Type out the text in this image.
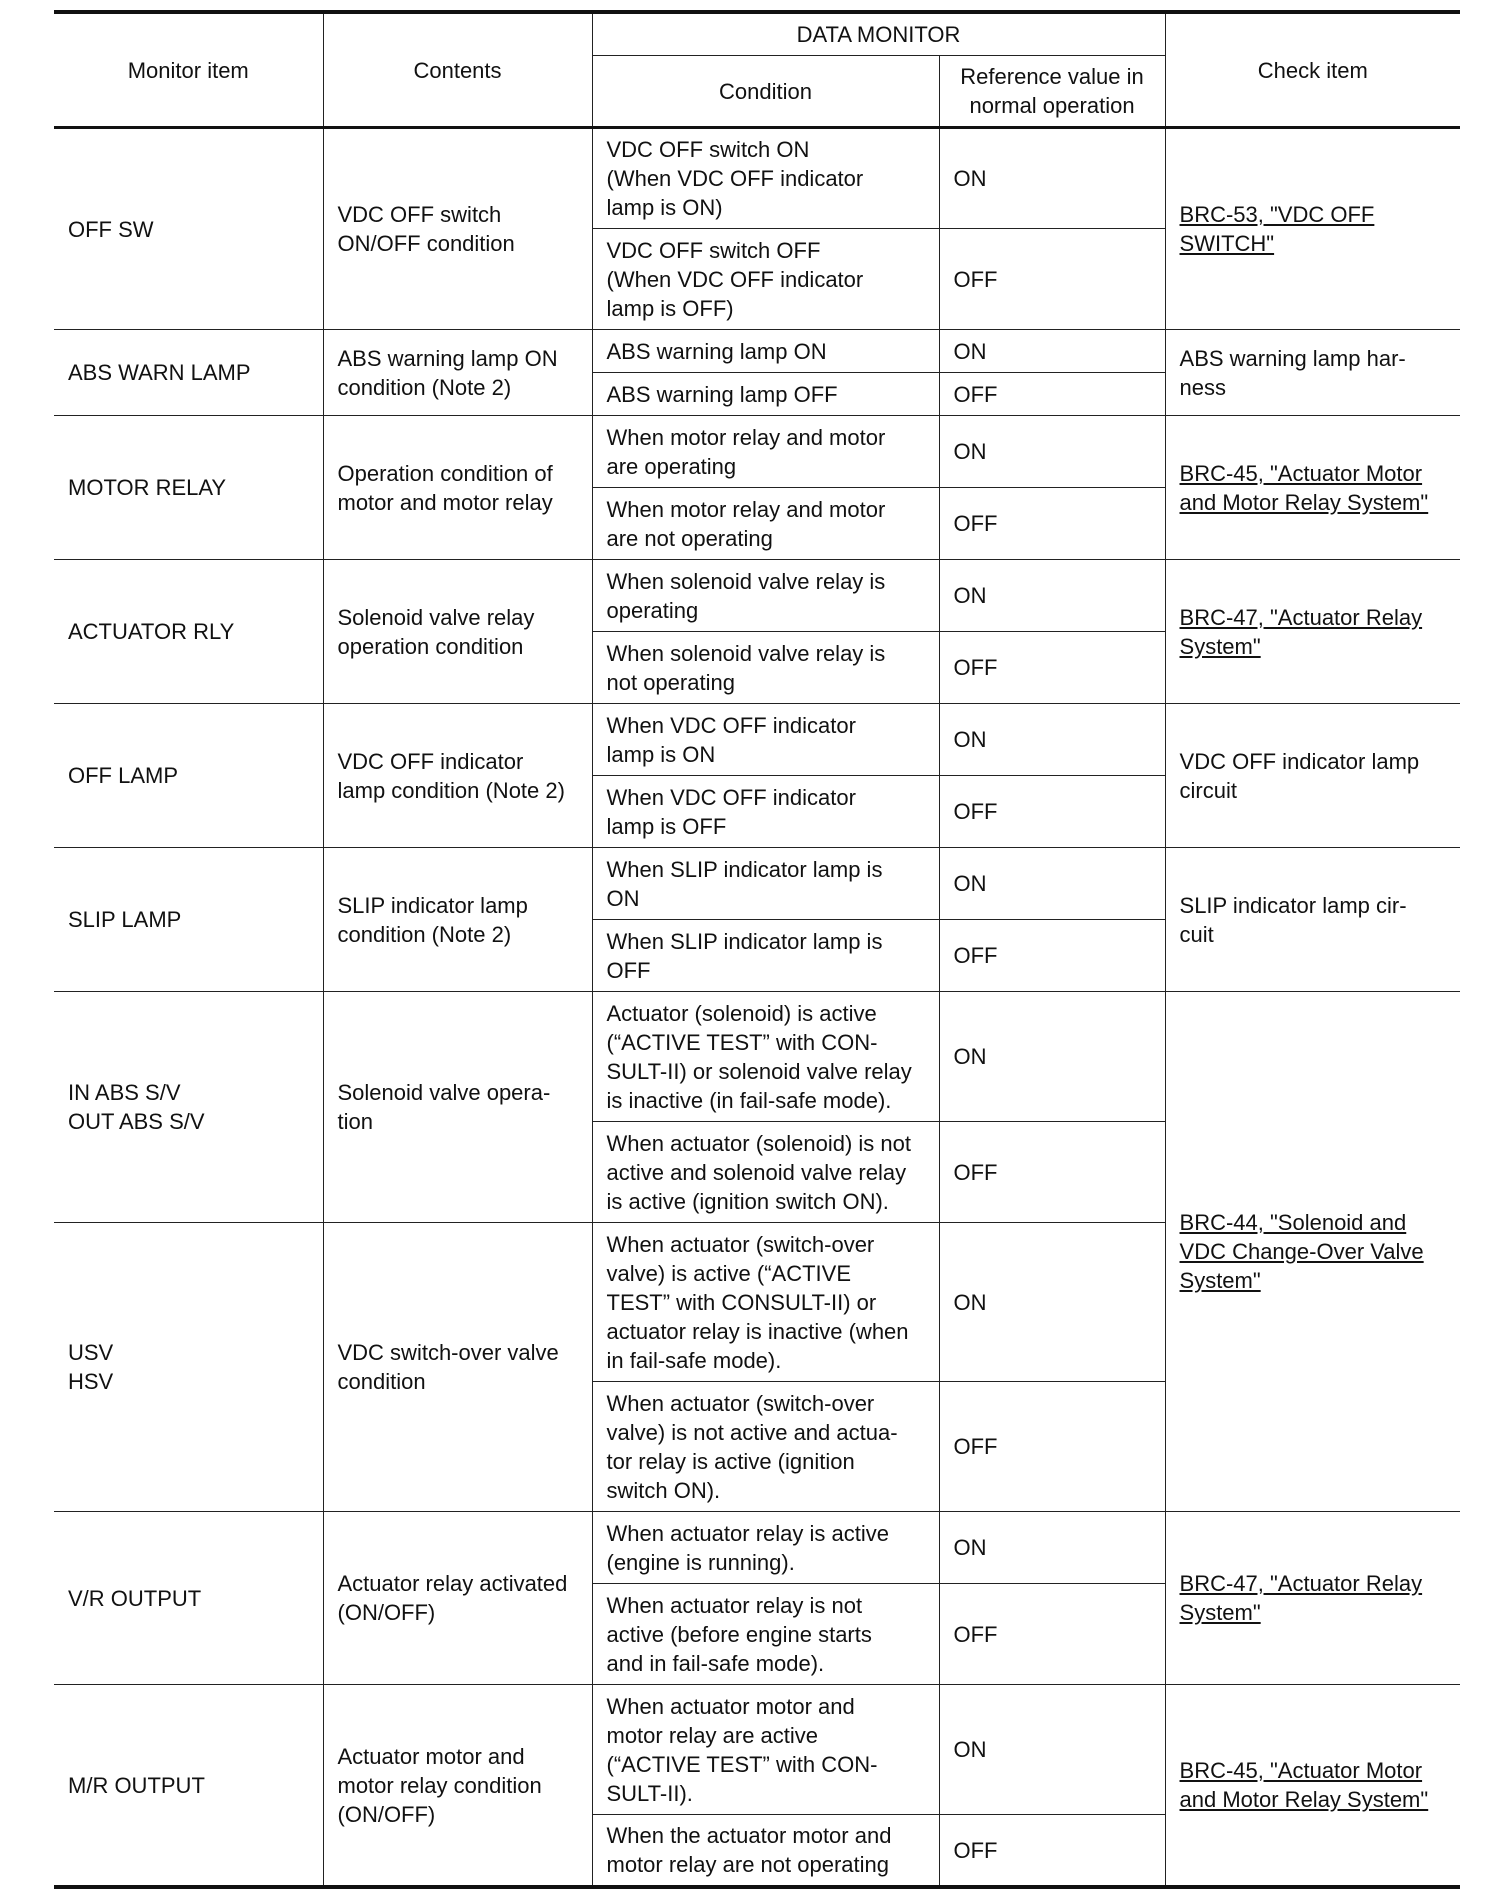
Monitor item	Contents	DATA MONITOR		Check item
		Condition	Reference value in
normal operation	
OFF SW	VDC OFF switch
ON/OFF condition	VDC OFF switch ON
(When VDC OFF indicator
lamp is ON)	ON	BRC-53, "VDC OFF
SWITCH"
		VDC OFF switch OFF
(When VDC OFF indicator
lamp is OFF)	OFF	
ABS WARN LAMP	ABS warning lamp ON
condition (Note 2)	ABS warning lamp ON	ON	ABS warning lamp har-
ness
		ABS warning lamp OFF	OFF	
MOTOR RELAY	Operation condition of
motor and motor relay	When motor relay and motor
are operating	ON	BRC-45, "Actuator Motor
and Motor Relay System"
		When motor relay and motor
are not operating	OFF	
ACTUATOR RLY	Solenoid valve relay
operation condition	When solenoid valve relay is
operating	ON	BRC-47, "Actuator Relay
System"
		When solenoid valve relay is
not operating	OFF	
OFF LAMP	VDC OFF indicator
lamp condition (Note 2)	When VDC OFF indicator
lamp is ON	ON	VDC OFF indicator lamp
circuit
		When VDC OFF indicator
lamp is OFF	OFF	
SLIP LAMP	SLIP indicator lamp
condition (Note 2)	When SLIP indicator lamp is
ON	ON	SLIP indicator lamp cir-
cuit
		When SLIP indicator lamp is
OFF	OFF	
IN ABS S/V
OUT ABS S/V	Solenoid valve opera-
tion	Actuator (solenoid) is active
(“ACTIVE TEST” with CON-
SULT-II) or solenoid valve relay
is inactive (in fail-safe mode).	ON	BRC-44, "Solenoid and
VDC Change-Over Valve
System"
		When actuator (solenoid) is not
active and solenoid valve relay
is active (ignition switch ON).	OFF	
USV
HSV	VDC switch-over valve
condition	When actuator (switch-over
valve) is active (“ACTIVE
TEST” with CONSULT-II) or
actuator relay is inactive (when
in fail-safe mode).	ON	
		When actuator (switch-over
valve) is not active and actua-
tor relay is active (ignition
switch ON).	OFF	
V/R OUTPUT	Actuator relay activated
(ON/OFF)	When actuator relay is active
(engine is running).	ON	BRC-47, "Actuator Relay
System"
		When actuator relay is not
active (before engine starts
and in fail-safe mode).	OFF	
M/R OUTPUT	Actuator motor and
motor relay condition
(ON/OFF)	When actuator motor and
motor relay are active
(“ACTIVE TEST” with CON-
SULT-II).	ON	BRC-45, "Actuator Motor
and Motor Relay System"
		When the actuator motor and
motor relay are not operating	OFF	
